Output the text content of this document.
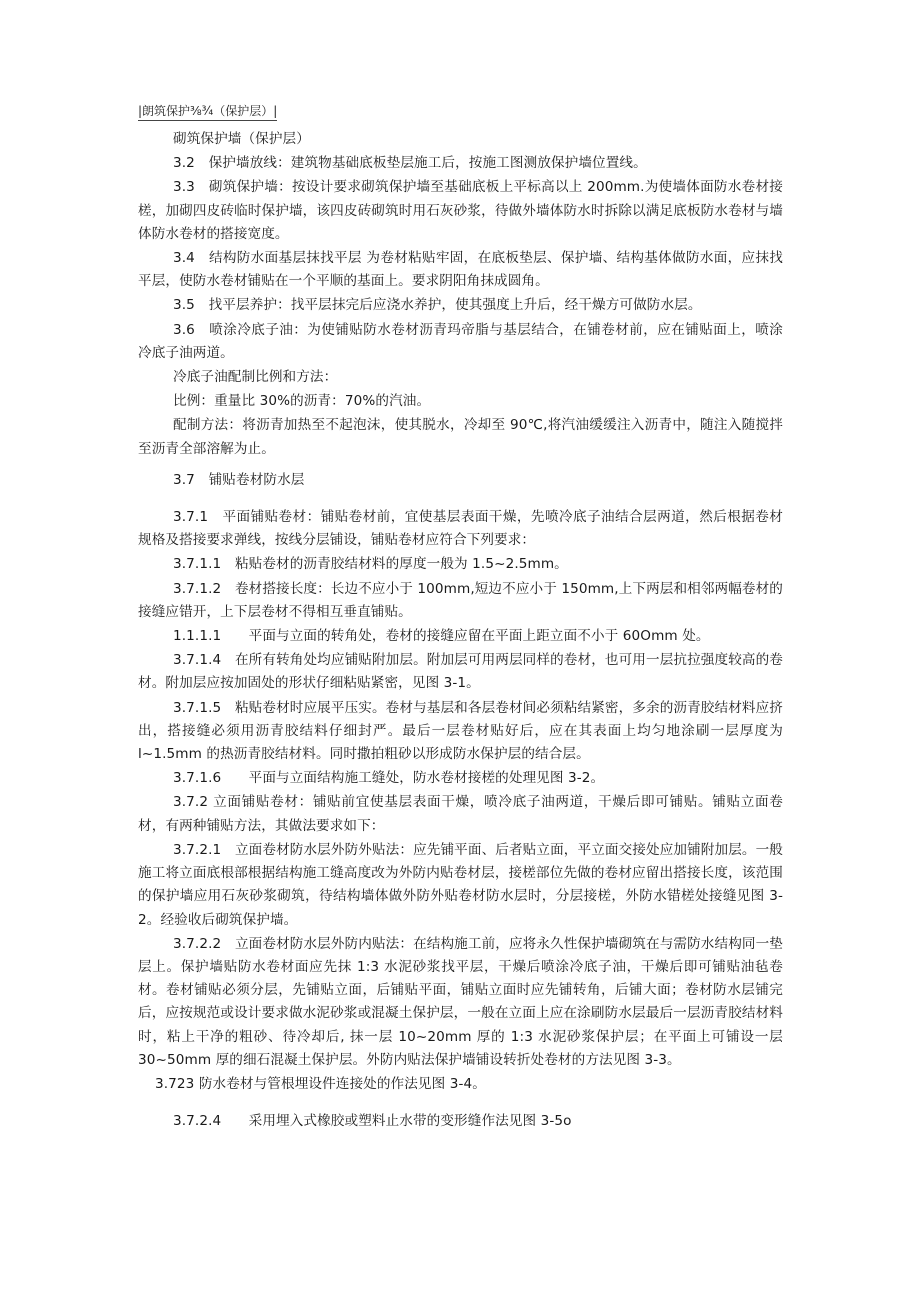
|朗筑保护⅜¾（保护层）|

砌筑保护墙（保护层）

3.2　保护墙放线：建筑物基础底板垫层施工后，按施工图测放保护墙位置线。

3.3　砌筑保护墙：按设计要求砌筑保护墙至基础底板上平标高以上 200mm.为使墙体面防水卷材接槎，加砌四皮砖临时保护墙，该四皮砖砌筑时用石灰砂浆，待做外墙体防水时拆除以满足底板防水卷材与墙体防水卷材的搭接宽度。

3.4　结构防水面基层抹找平层 为卷材粘贴牢固，在底板垫层、保护墙、结构基体做防水面，应抹找平层，使防水卷材铺贴在一个平顺的基面上。要求阴阳角抹成圆角。

3.5　找平层养护：找平层抹完后应浇水养护，使其强度上升后，经干燥方可做防水层。

3.6　喷涂冷底子油：为使铺贴防水卷材沥青玛帝脂与基层结合，在铺卷材前，应在铺贴面上，喷涂冷底子油两道。

冷底子油配制比例和方法：

比例：重量比 30%的沥青：70%的汽油。

配制方法：将沥青加热至不起泡沫，使其脱水，冷却至 90℃,将汽油缓缓注入沥青中，随注入随搅拌至沥青全部溶解为止。

3.7　铺贴卷材防水层

3.7.1　平面铺贴卷材：铺贴卷材前，宜使基层表面干燥，先喷冷底子油结合层两道，然后根据卷材规格及搭接要求弹线，按线分层铺设，铺贴卷材应符合下列要求：

3.7.1.1　粘贴卷材的沥青胶结材料的厚度一般为 1.5~2.5mm。

3.7.1.2　卷材搭接长度：长边不应小于 100mm,短边不应小于 150mm,上下两层和相邻两幅卷材的接缝应错开，上下层卷材不得相互垂直铺贴。

1.1.1.1　　平面与立面的转角处，卷材的接缝应留在平面上距立面不小于 60Omm 处。

3.7.1.4　在所有转角处均应铺贴附加层。附加层可用两层同样的卷材，也可用一层抗拉强度较高的卷材。附加层应按加固处的形状仔细粘贴紧密，见图 3-1。

3.7.1.5　粘贴卷材时应展平压实。卷材与基层和各层卷材间必须粘结紧密，多余的沥青胶结材料应挤出，搭接缝必须用沥青胶结料仔细封严。最后一层卷材贴好后，应在其表面上均匀地涂刷一层厚度为 l~1.5mm 的热沥青胶结材料。同时撒拍粗砂以形成防水保护层的结合层。

3.7.1.6　　平面与立面结构施工缝处，防水卷材接槎的处理见图 3-2。

3.7.2 立面铺贴卷材：铺贴前宜使基层表面干燥，喷冷底子油两道，干燥后即可铺贴。铺贴立面卷材，有两种铺贴方法，其做法要求如下：

3.7.2.1　立面卷材防水层外防外贴法：应先铺平面、后者贴立面，平立面交接处应加铺附加层。一般施工将立面底根部根据结构施工缝高度改为外防内贴卷材层，接槎部位先做的卷材应留出搭接长度，该范围的保护墙应用石灰砂浆砌筑，待结构墙体做外防外贴卷材防水层时，分层接槎，外防水错槎处接缝见图 3-2。经验收后砌筑保护墙。

3.7.2.2　立面卷材防水层外防内贴法：在结构施工前，应将永久性保护墙砌筑在与需防水结构同一垫层上。保护墙贴防水卷材面应先抹 1:3 水泥砂浆找平层，干燥后喷涂冷底子油，干燥后即可铺贴油毡卷材。卷材铺贴必须分层，先铺贴立面，后铺贴平面，铺贴立面时应先铺转角，后铺大面；卷材防水层铺完后，应按规范或设计要求做水泥砂浆或混凝土保护层，一般在立面上应在涂刷防水层最后一层沥青胶结材料时，粘上干净的粗砂、待冷却后, 抹一层 10~20mm 厚的 1:3 水泥砂浆保护层；在平面上可铺设一层 30~50mm 厚的细石混凝土保护层。外防内贴法保护墙铺设转折处卷材的方法见图 3-3。

3.723 防水卷材与管根埋设件连接处的作法见图 3-4。

3.7.2.4　　采用埋入式橡胶或塑料止水带的变形缝作法见图 3-5o
